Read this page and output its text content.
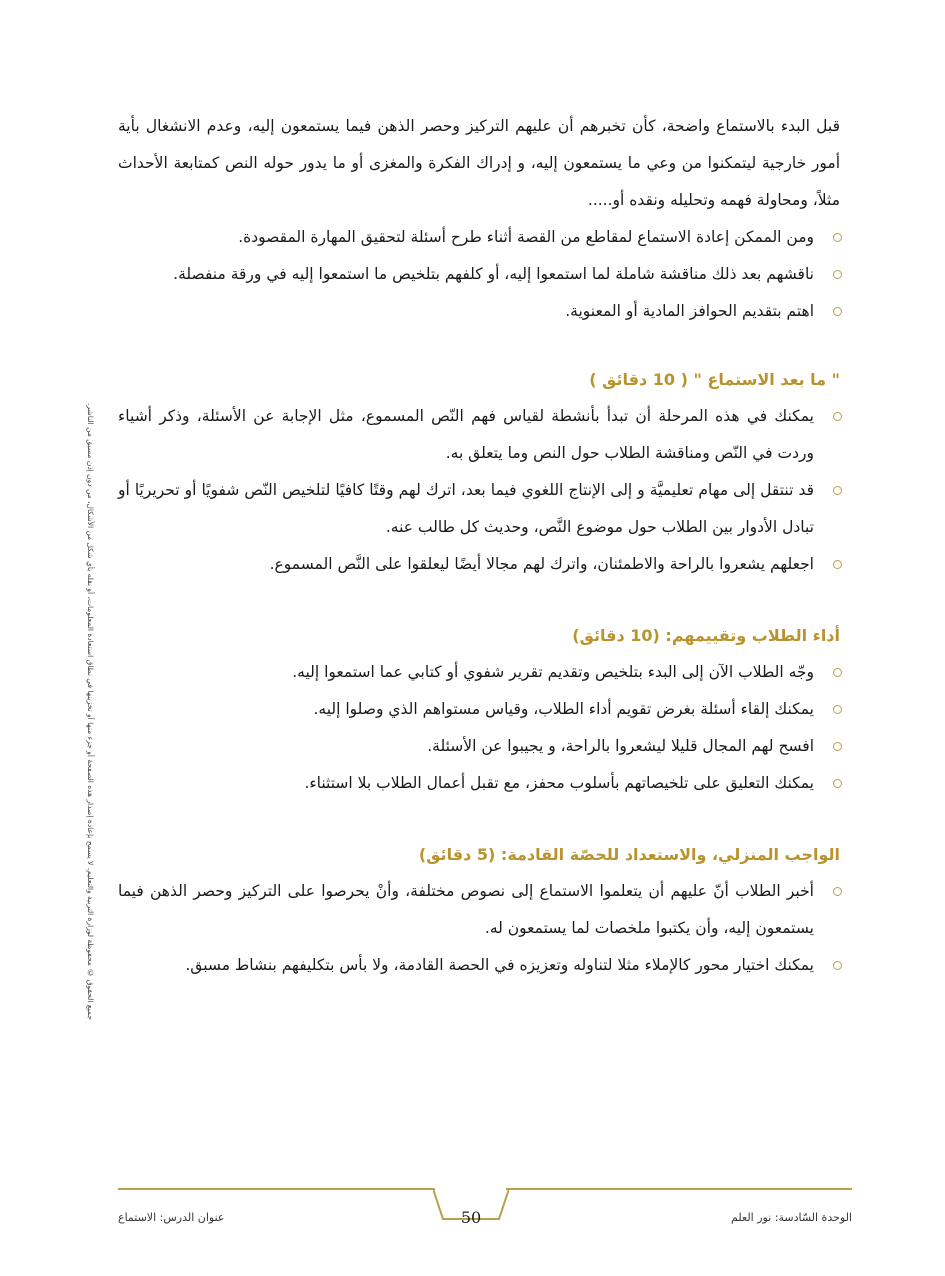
جميع الحقوق © محفوظة لوزارة التربية والتعليم. لا يسمح بإعادة إصدار هذه الصفحة أو جزء منها أو تخزينها في نطاق استعادة المعلومات، أو نقله بأي شكل من الأشكال، من دون إذن مسبق من الناشر.

قبل البدء بالاستماع واضحة، كأن تخبرهم أن عليهم التركيز وحصر الذهن فيما يستمعون إليه، وعدم الانشغال بأية أمور خارجية ليتمكنوا من وعي ما يستمعون إليه، و إدراك الفكرة والمغزى أو ما يدور حوله النص كمتابعة الأحداث مثلاً، ومحاولة فهمه وتحليله ونقده أو.....

ومن الممكن إعادة الاستماع لمقاطع من القصة أثناء طرح أسئلة لتحقيق المهارة المقصودة.
ناقشهم بعد ذلك مناقشة شاملة لما استمعوا إليه، أو كلفهم بتلخيص ما استمعوا إليه في ورقة منفصلة.
اهتم بتقديم الحوافز المادية أو المعنوية.
" ما بعد الاستماع " ( 10 دقائق )
يمكنك في هذه المرحلة أن تبدأ بأنشطة لقياس فهم النّص المسموع، مثل الإجابة عن الأسئلة، وذكر أشياء وردت في النّص ومناقشة الطلاب حول النص وما يتعلق به.
قد تنتقل إلى مهام تعليميَّة و إلى الإنتاج اللغوي فيما بعد، اترك لهم وقتًا كافيًا لتلخيص النّص شفويًا أو تحريريًا أو تبادل الأدوار بين الطلاب حول موضوع النَّص، وحديث كل طالب عنه.
اجعلهم يشعروا بالراحة والاطمئنان، واترك لهم مجالا أيضًا ليعلقوا على النَّص المسموع.
أداء الطلاب وتقييمهم: (10 دقائق)
وجّه الطلاب الآن إلى البدء بتلخيص وتقديم تقرير شفوي أو كتابي عما استمعوا إليه.
يمكنك إلقاء أسئلة بغرض تقويم أداء الطلاب، وقياس مستواهم الذي وصلوا إليه.
افسح لهم المجال قليلا ليشعروا بالراحة، و يجيبوا عن الأسئلة.
يمكنك التعليق على تلخيصاتهم بأسلوب محفز، مع تقبل أعمال الطلاب بلا استثناء.
الواجب المنزلي، والاستعداد للحصّة القادمة: (5 دقائق)
أخبر الطلاب أنّ عليهم أن يتعلموا الاستماع إلى نصوص مختلفة، وأنْ يحرصوا على التركيز وحصر الذهن فيما يستمعون إليه، وأن يكتبوا ملخصات لما يستمعون له.
يمكنك اختيار محور كالإملاء مثلا لتناوله وتعزيزه في الحصة القادمة، ولا بأس بتكليفهم بنشاط مسبق.
50
عنوان الدرس: الاستماع	الوحدة السّادسة: نور العلم
